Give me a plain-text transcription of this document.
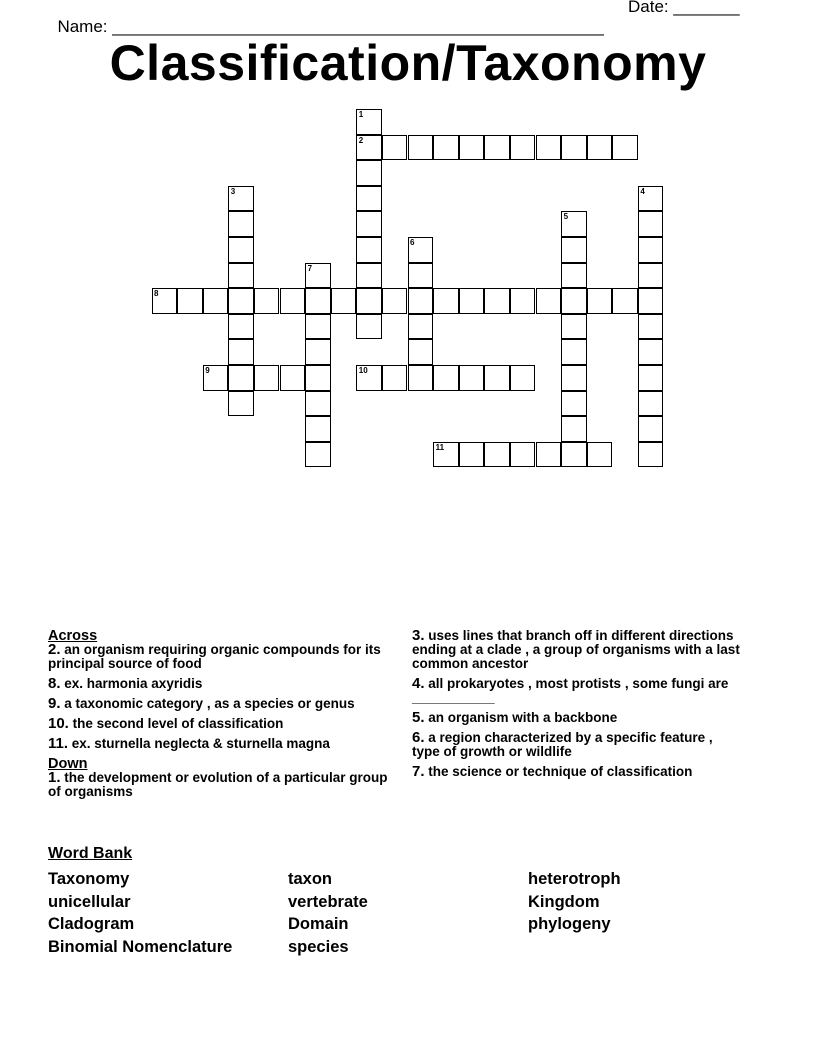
Name: ____________________________________________________

Date: _______

Classification/Taxonomy
1
2
3	4
5
6
7
8
9	10
11
Across
2. an organism requiring organic compounds for its principal source of food
8. ex. harmonia axyridis
9. a taxonomic category , as a species or genus
10. the second level of classification
11. ex. sturnella neglecta & sturnella magna
Down
1. the development or evolution of a particular group of organisms
3. uses lines that branch off in different directions ending at a clade , a group of organisms with a last common ancestor
4. all prokaryotes , most protists , some fungi are ___________
5. an organism with a backbone
6. a region characterized by a specific feature , type of growth or wildlife
7. the science or technique of classification
Word Bank
Taxonomy
unicellular
Cladogram
Binomial Nomenclature
taxon
vertebrate
Domain
species
heterotroph
Kingdom
phylogeny
